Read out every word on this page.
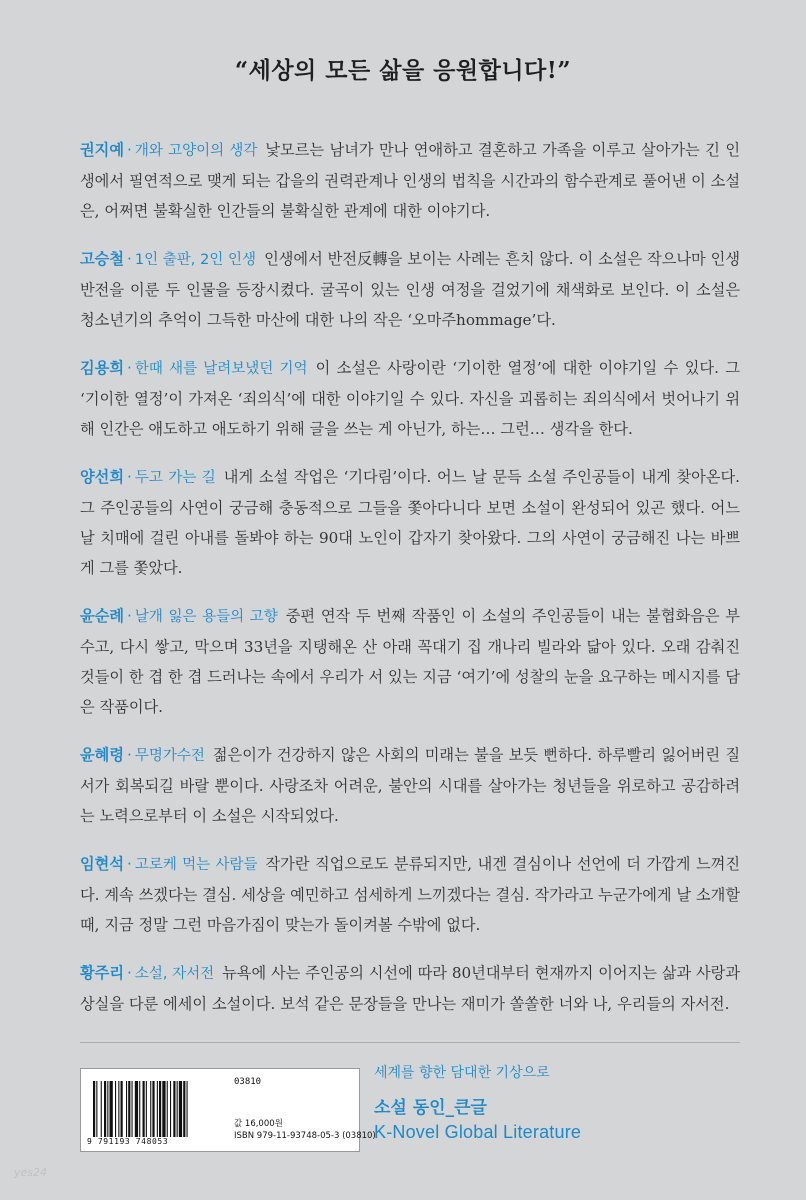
“세상의 모든 삶을 응원합니다!”

권지예 · 개와 고양이의 생각 낯모르는 남녀가 만나 연애하고 결혼하고 가족을 이루고 살아가는 긴 인생에서 필연적으로 맺게 되는 갑을의 권력관계나 인생의 법칙을 시간과의 함수관계로 풀어낸 이 소설은, 어쩌면 불확실한 인간들의 불확실한 관계에 대한 이야기다.

고승철 · 1인 출판, 2인 인생 인생에서 반전反轉을 보이는 사례는 흔치 않다. 이 소설은 작으나마 인생 반전을 이룬 두 인물을 등장시켰다. 굴곡이 있는 인생 여정을 걸었기에 채색화로 보인다. 이 소설은 청소년기의 추억이 그득한 마산에 대한 나의 작은 ‘오마주hommage’다.

김용희 · 한때 새를 날려보냈던 기억 이 소설은 사랑이란 ‘기이한 열정’에 대한 이야기일 수 있다. 그 ‘기이한 열정’이 가져온 ‘죄의식’에 대한 이야기일 수 있다. 자신을 괴롭히는 죄의식에서 벗어나기 위해 인간은 애도하고 애도하기 위해 글을 쓰는 게 아닌가, 하는… 그런… 생각을 한다.

양선희 · 두고 가는 길 내게 소설 작업은 ‘기다림’이다. 어느 날 문득 소설 주인공들이 내게 찾아온다. 그 주인공들의 사연이 궁금해 충동적으로 그들을 쫓아다니다 보면 소설이 완성되어 있곤 했다. 어느 날 치매에 걸린 아내를 돌봐야 하는 90대 노인이 갑자기 찾아왔다. 그의 사연이 궁금해진 나는 바쁘게 그를 쫓았다.

윤순례 · 날개 잃은 용들의 고향 중편 연작 두 번째 작품인 이 소설의 주인공들이 내는 불협화음은 부수고, 다시 쌓고, 막으며 33년을 지탱해온 산 아래 꼭대기 집 개나리 빌라와 닮아 있다. 오래 감춰진 것들이 한 겹 한 겹 드러나는 속에서 우리가 서 있는 지금 ‘여기’에 성찰의 눈을 요구하는 메시지를 담은 작품이다.

윤혜령 · 무명가수전 젊은이가 건강하지 않은 사회의 미래는 불을 보듯 뻔하다. 하루빨리 잃어버린 질서가 회복되길 바랄 뿐이다. 사랑조차 어려운, 불안의 시대를 살아가는 청년들을 위로하고 공감하려는 노력으로부터 이 소설은 시작되었다.

임현석 · 고로케 먹는 사람들 작가란 직업으로도 분류되지만, 내겐 결심이나 선언에 더 가깝게 느껴진다. 계속 쓰겠다는 결심. 세상을 예민하고 섬세하게 느끼겠다는 결심. 작가라고 누군가에게 날 소개할 때, 지금 정말 그런 마음가짐이 맞는가 돌이켜볼 수밖에 없다.

황주리 · 소설, 자서전 뉴욕에 사는 주인공의 시선에 따라 80년대부터 현재까지 이어지는 삶과 사랑과 상실을 다룬 에세이 소설이다. 보석 같은 문장들을 만나는 재미가 쏠쏠한 너와 나, 우리들의 자서전.

03810
값 16,000원
ISBN 979-11-93748-05-3 (03810)
9 791193 748053
세계를 향한 담대한 기상으로
소설 동인_큰글
K-Novel Global Literature
yes24
